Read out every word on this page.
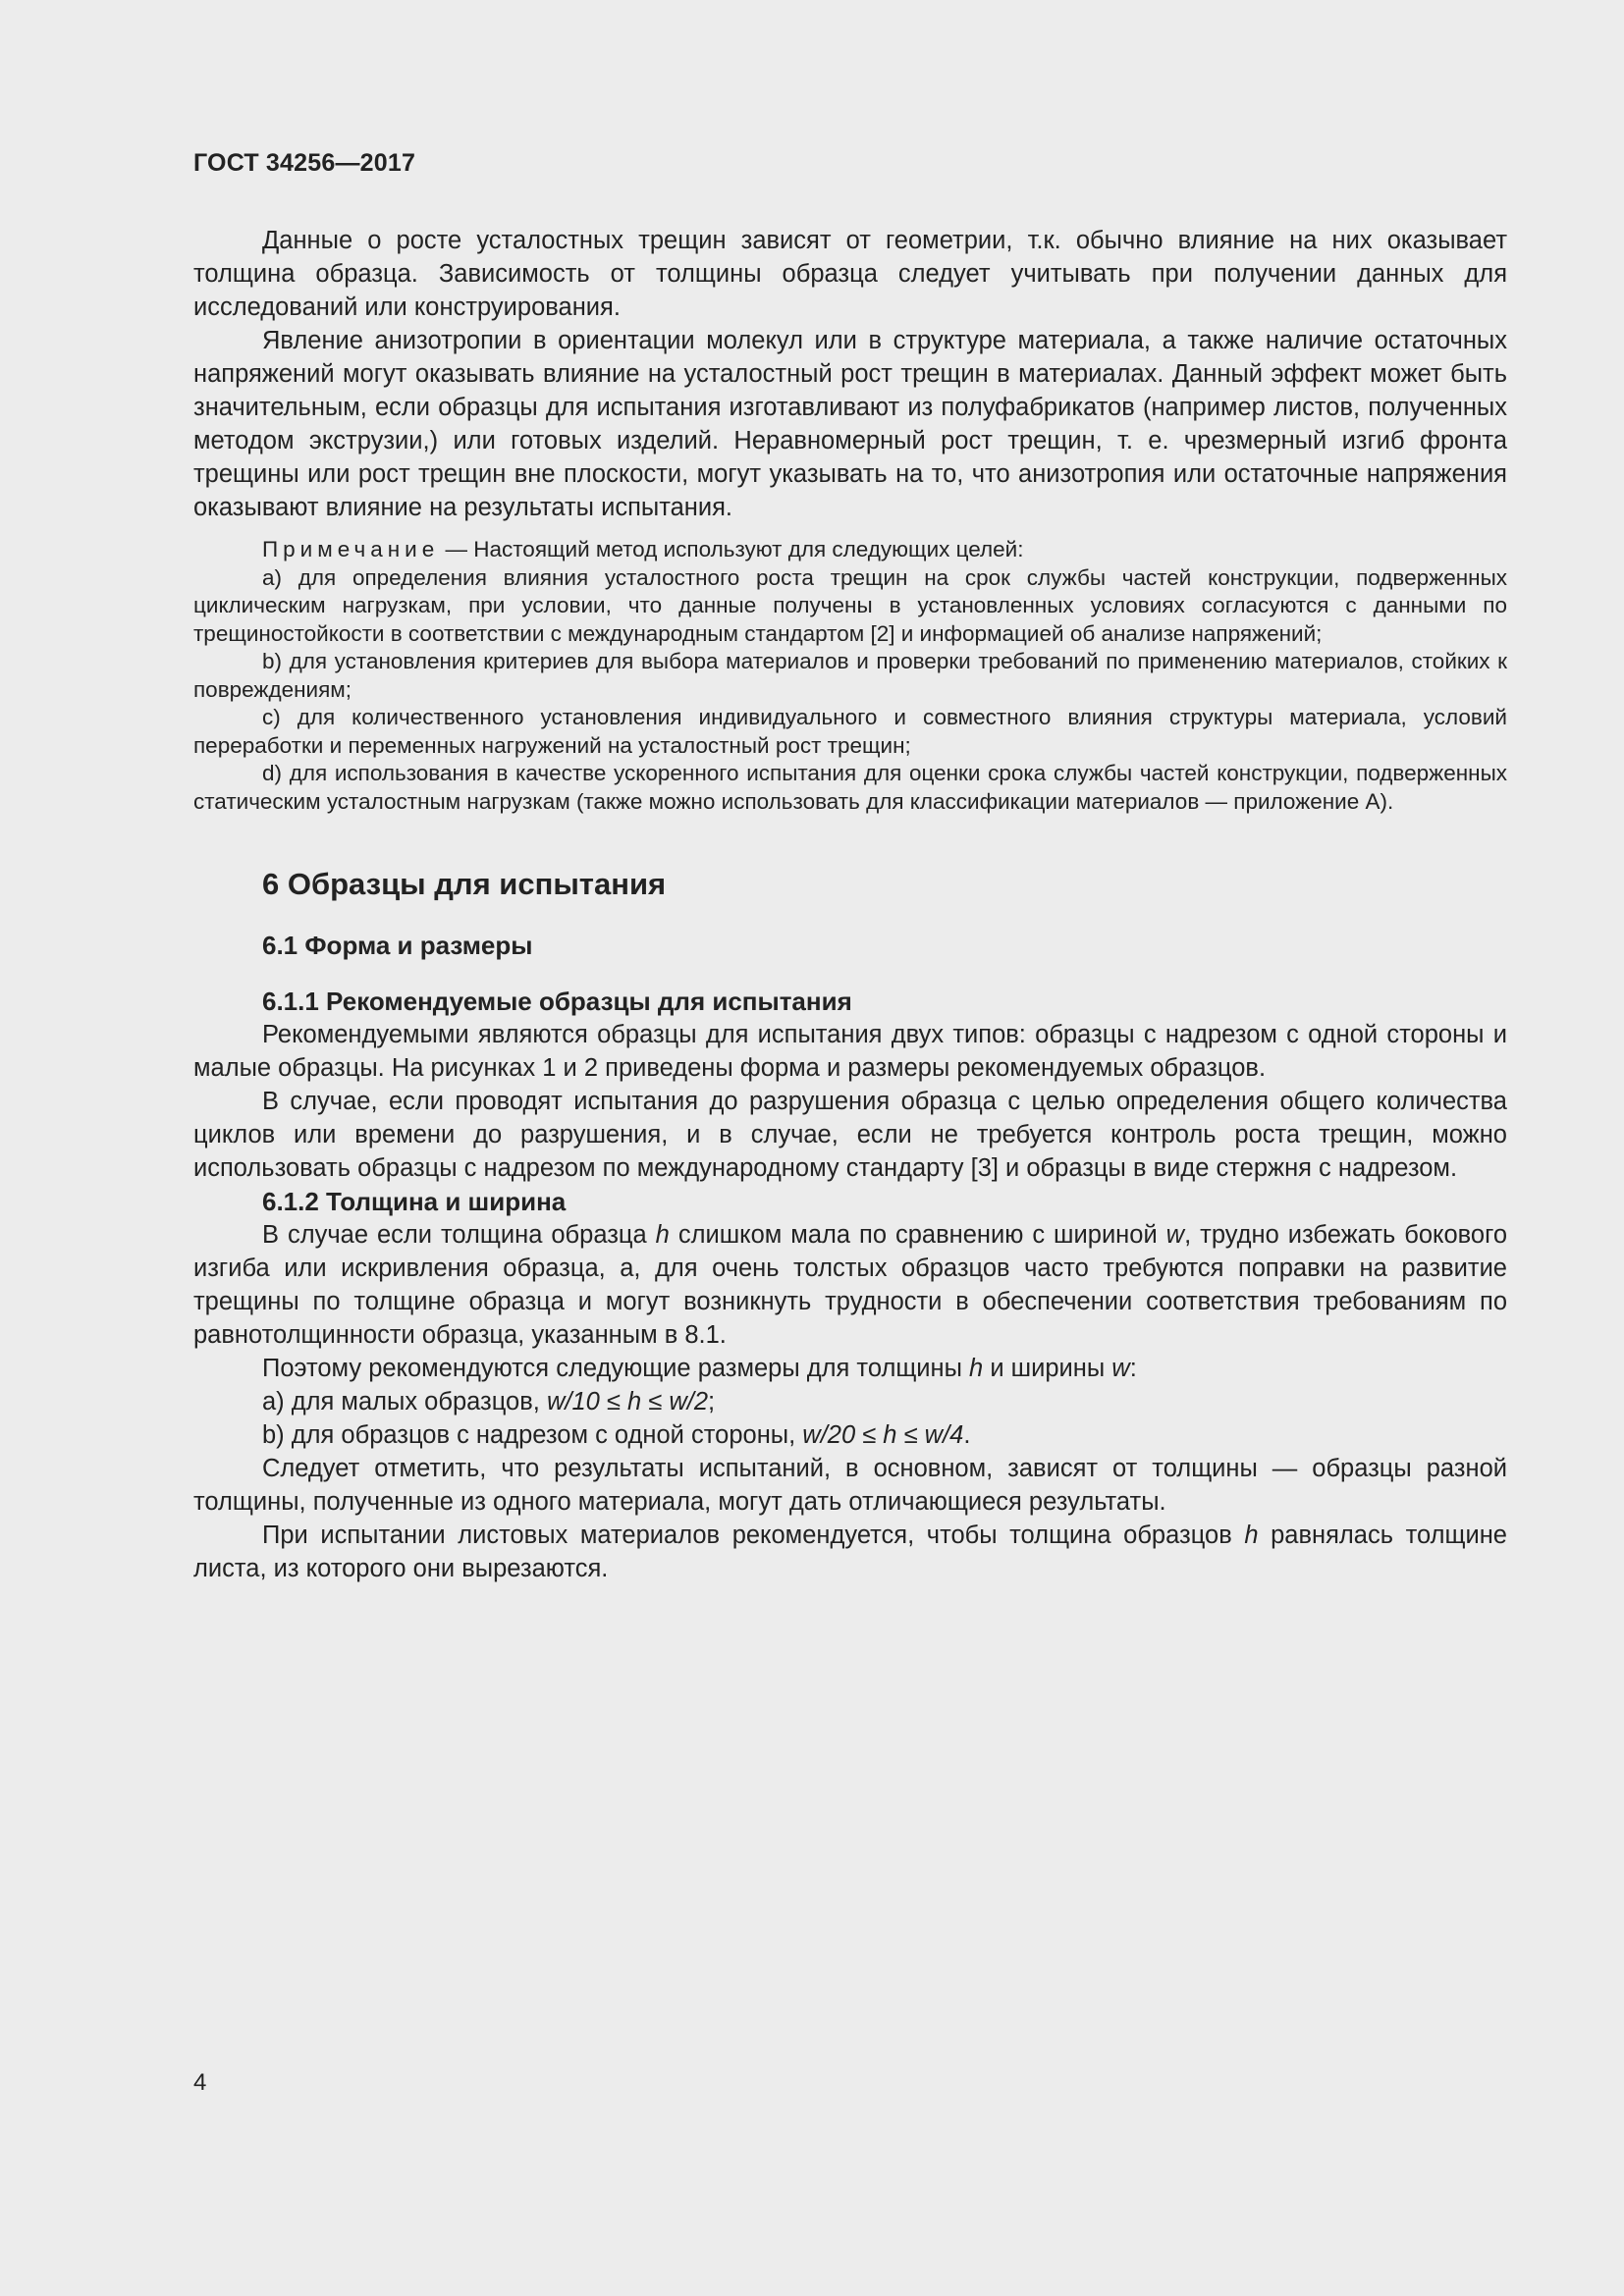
ГОСТ 34256—2017

Данные о росте усталостных трещин зависят от геометрии, т.к. обычно влияние на них оказывает толщина образца. Зависимость от толщины образца следует учитывать при получении данных для исследований или конструирования.

Явление анизотропии в ориентации молекул или в структуре материала, а также наличие остаточных напряжений могут оказывать влияние на усталостный рост трещин в материалах. Данный эффект может быть значительным, если образцы для испытания изготавливают из полуфабрикатов (например листов, полученных методом экструзии,) или готовых изделий. Неравномерный рост трещин, т. е. чрезмерный изгиб фронта трещины или рост трещин вне плоскости, могут указывать на то, что анизотропия или остаточные напряжения оказывают влияние на результаты испытания.

Примечание — Настоящий метод используют для следующих целей:

a) для определения влияния усталостного роста трещин на срок службы частей конструкции, подверженных циклическим нагрузкам, при условии, что данные получены в установленных условиях согласуются с данными по трещиностойкости в соответствии с международным стандартом [2] и информацией об анализе напряжений;

b) для установления критериев для выбора материалов и проверки требований по применению материалов, стойких к повреждениям;

c) для количественного установления индивидуального и совместного влияния структуры материала, условий переработки и переменных нагружений на усталостный рост трещин;

d) для использования в качестве ускоренного испытания для оценки срока службы частей конструкции, подверженных статическим усталостным нагрузкам (также можно использовать для классификации материалов — приложение А).

6 Образцы для испытания
6.1 Форма и размеры
6.1.1 Рекомендуемые образцы для испытания

Рекомендуемыми являются образцы для испытания двух типов: образцы с надрезом с одной стороны и малые образцы. На рисунках 1 и 2 приведены форма и размеры рекомендуемых образцов.

В случае, если проводят испытания до разрушения образца с целью определения общего количества циклов или времени до разрушения, и в случае, если не требуется контроль роста трещин, можно использовать образцы с надрезом по международному стандарту [3] и образцы в виде стержня с надрезом.

6.1.2 Толщина и ширина

В случае если толщина образца h слишком мала по сравнению с шириной w, трудно избежать бокового изгиба или искривления образца, а, для очень толстых образцов часто требуются поправки на развитие трещины по толщине образца и могут возникнуть трудности в обеспечении соответствия требованиям по равнотолщинности образца, указанным в 8.1.

Поэтому рекомендуются следующие размеры для толщины h и ширины w:

a) для малых образцов, w/10 ≤ h ≤ w/2;

b) для образцов с надрезом с одной стороны, w/20 ≤ h ≤ w/4.

Следует отметить, что результаты испытаний, в основном, зависят от толщины — образцы разной толщины, полученные из одного материала, могут дать отличающиеся результаты.

При испытании листовых материалов рекомендуется, чтобы толщина образцов h равнялась толщине листа, из которого они вырезаются.

4
